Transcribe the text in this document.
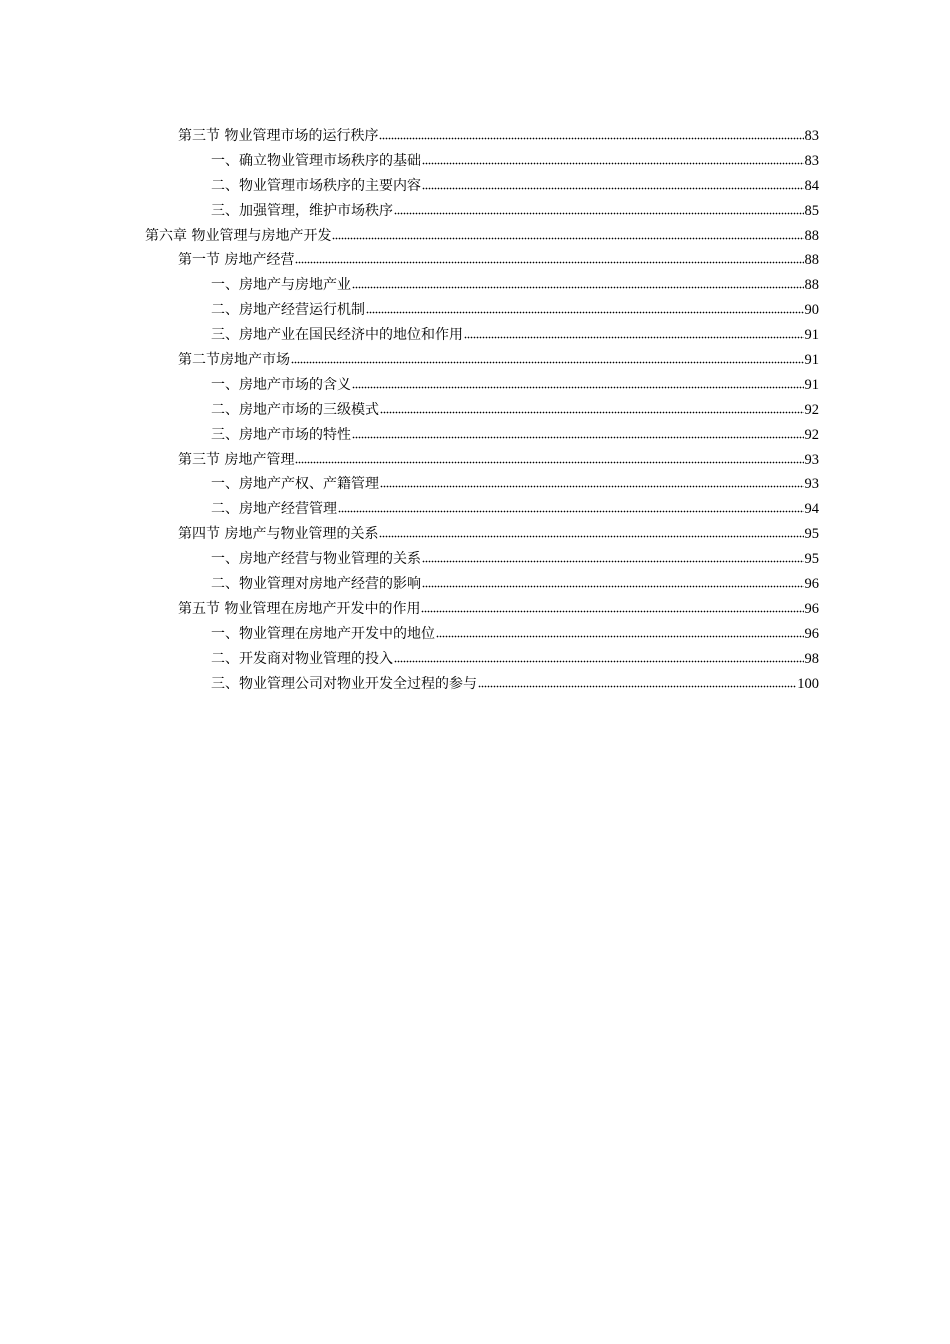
第三节 物业管理市场的运行秩序	83
一、确立物业管理市场秩序的基础	83
二、物业管理市场秩序的主要内容	84
三、加强管理，维护市场秩序	85
第六章 物业管理与房地产开发	88
第一节 房地产经营	88
一、房地产与房地产业	88
二、房地产经营运行机制	90
三、房地产业在国民经济中的地位和作用	91
第二节房地产市场	91
一、房地产市场的含义	91
二、房地产市场的三级模式	92
三、房地产市场的特性	92
第三节 房地产管理	93
一、房地产产权、产籍管理	93
二、房地产经营管理	94
第四节 房地产与物业管理的关系	95
一、房地产经营与物业管理的关系	95
二、物业管理对房地产经营的影响	96
第五节 物业管理在房地产开发中的作用	96
一、物业管理在房地产开发中的地位	96
二、开发商对物业管理的投入	98
三、物业管理公司对物业开发全过程的参与	100
